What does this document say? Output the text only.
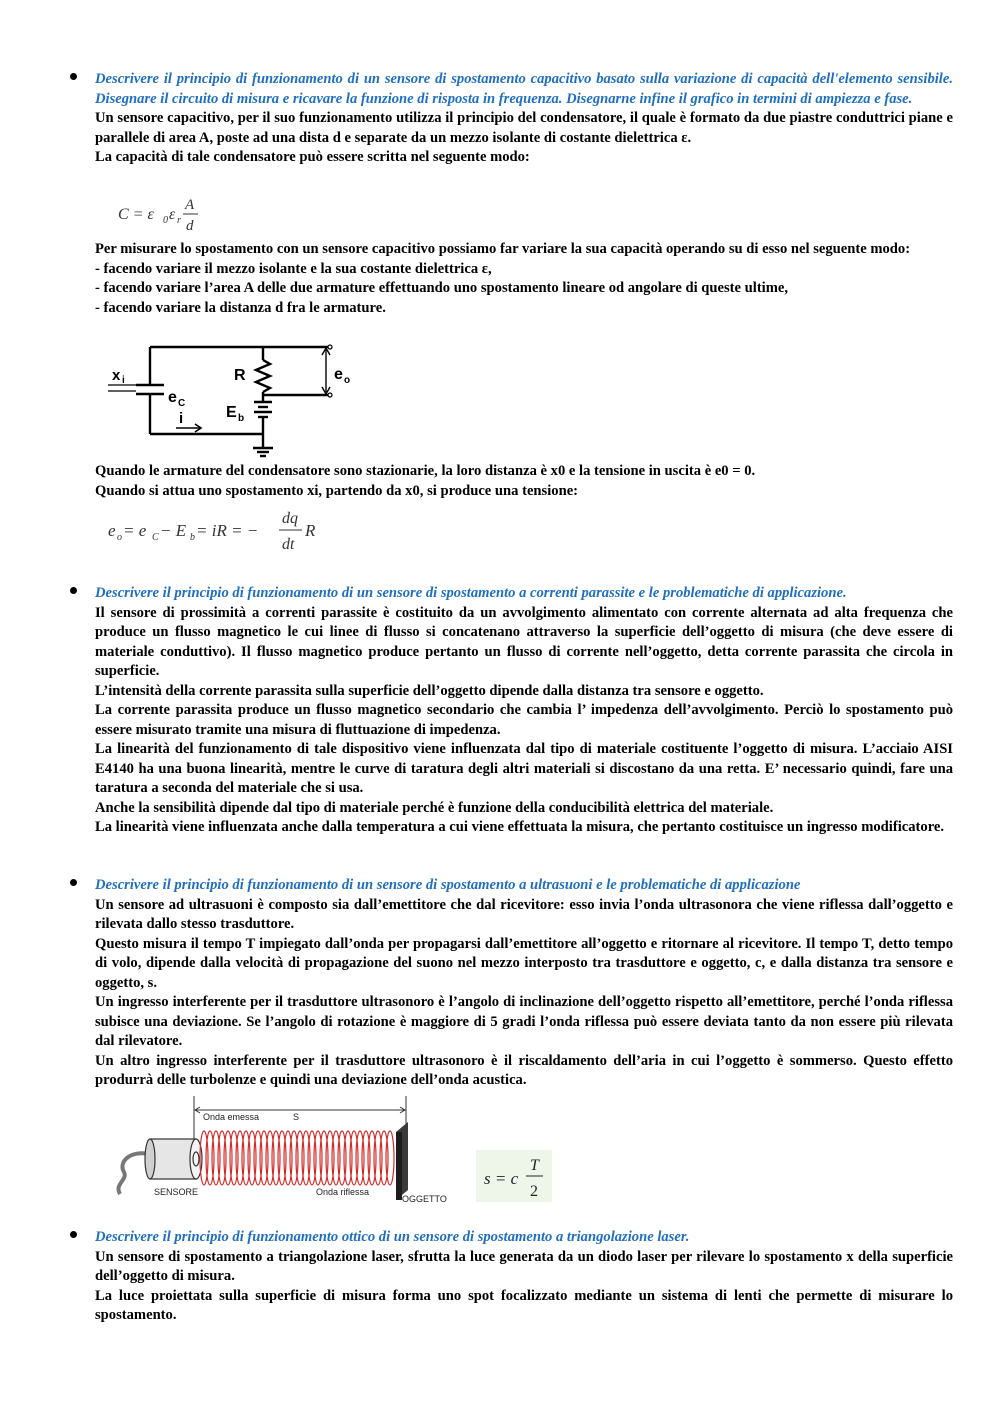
Descrivere il principio di funzionamento di un sensore di spostamento capacitivo basato sulla variazione di capacità dell'elemento sensibile. Disegnare il circuito di misura e ricavare la funzione di risposta in frequenza. Disegnarne infine il grafico in termini di ampiezza e fase.

Un sensore capacitivo, per il suo funzionamento utilizza il principio del condensatore, il quale è formato da due piastre conduttrici piane e parallele di area A, poste ad una dista d e separate da un mezzo isolante di costante dielettrica ε.

La capacità di tale condensatore può essere scritta nel seguente modo:

C = ε 0 ε r
A
d

Per misurare lo spostamento con un sensore capacitivo possiamo far variare la sua capacità operando su di esso nel seguente modo:

- facendo variare il mezzo isolante e la sua costante dielettrica ε,

- facendo variare l’area A delle due armature effettuando uno spostamento lineare od angolare di queste ultime,

- facendo variare la distanza d fra le armature.

x i
e C
i
R
E b
e o

Quando le armature del condensatore sono stazionarie, la loro distanza è x0 e la tensione in uscita è e0 = 0.

Quando si attua uno spostamento xi, partendo da x0, si produce una tensione:

e o = e C − E b = iR = −
dq
dt
R

Descrivere il principio di funzionamento di un sensore di spostamento a correnti parassite e le problematiche di applicazione.

Il sensore di prossimità a correnti parassite è costituito da un avvolgimento alimentato con corrente alternata ad alta frequenza che produce un flusso magnetico le cui linee di flusso si concatenano attraverso la superficie dell’oggetto di misura (che deve essere di materiale conduttivo). Il flusso magnetico produce pertanto un flusso di corrente nell’oggetto, detta corrente parassita che circola in superficie.

L’intensità della corrente parassita sulla superficie dell’oggetto dipende dalla distanza tra sensore e oggetto.

La corrente parassita produce un flusso magnetico secondario che cambia l’ impedenza dell’avvolgimento. Perciò lo spostamento può essere misurato tramite una misura di fluttuazione di impedenza.

La linearità del funzionamento di tale dispositivo viene influenzata dal tipo di materiale costituente l’oggetto di misura. L’acciaio AISI E4140 ha una buona linearità, mentre le curve di taratura degli altri materiali si discostano da una retta. E’ necessario quindi, fare una taratura a seconda del materiale che si usa.

Anche la sensibilità dipende dal tipo di materiale perché è funzione della conducibilità elettrica del materiale.

La linearità viene influenzata anche dalla temperatura a cui viene effettuata la misura, che pertanto costituisce un ingresso modificatore.

Descrivere il principio di funzionamento di un sensore di spostamento a ultrasuoni e le problematiche di applicazione

Un sensore ad ultrasuoni è composto sia dall’emettitore che dal ricevitore: esso invia l’onda ultrasonora che viene riflessa dall’oggetto e rilevata dallo stesso trasduttore.

Questo misura il tempo T impiegato dall’onda per propagarsi dall’emettitore all’oggetto e ritornare al ricevitore. Il tempo T, detto tempo di volo, dipende dalla velocità di propagazione del suono nel mezzo interposto tra trasduttore e oggetto, c, e dalla distanza tra sensore e oggetto, s.

Un ingresso interferente per il trasduttore ultrasonoro è l’angolo di inclinazione dell’oggetto rispetto all’emettitore, perché l’onda riflessa subisce una deviazione. Se l’angolo di rotazione è maggiore di 5 gradi l’onda riflessa può essere deviata tanto da non essere più rilevata dal rilevatore.

Un altro ingresso interferente per il trasduttore ultrasonoro è il riscaldamento dell’aria in cui l’oggetto è sommerso. Questo effetto produrrà delle turbolenze e quindi una deviazione dell’onda acustica.

Onda emessa	S
SENSORE	Onda riflessa
OGGETTO
s = c
T
2

Descrivere il principio di funzionamento ottico di un sensore di spostamento a triangolazione laser.

Un sensore di spostamento a triangolazione laser, sfrutta la luce generata da un diodo laser per rilevare lo spostamento x della superficie dell’oggetto di misura.

La luce proiettata sulla superficie di misura forma uno spot focalizzato mediante un sistema di lenti che permette di misurare lo spostamento.
